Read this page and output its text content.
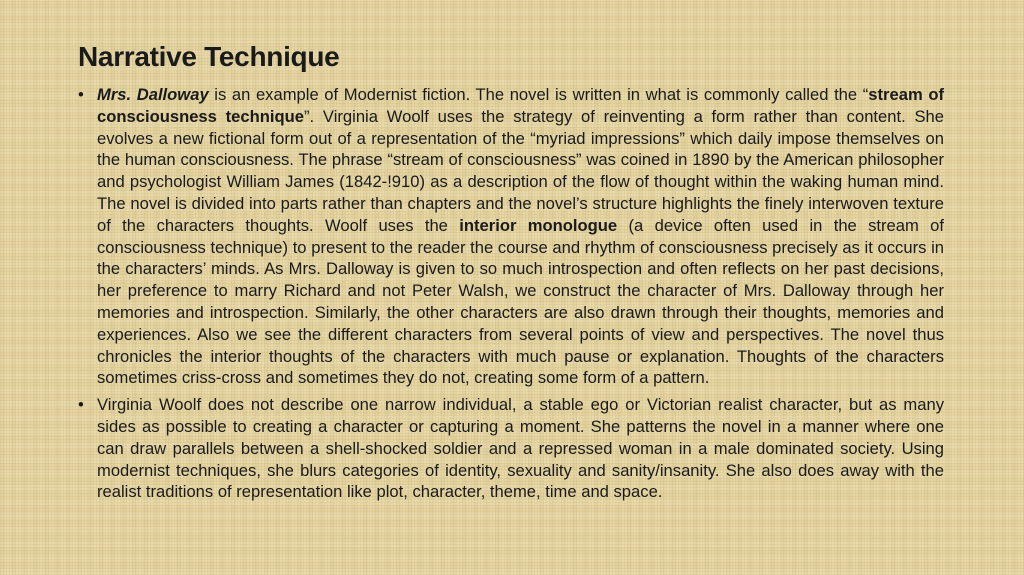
Narrative Technique
• Mrs. Dalloway is an example of Modernist fiction. The novel is written in what is commonly called the “stream of consciousness technique”. Virginia Woolf uses the strategy of reinventing a form rather than content. She evolves a new fictional form out of a representation of the “myriad impressions” which daily impose themselves on the human consciousness. The phrase “stream of consciousness” was coined in 1890 by the American philosopher and psychologist William James (1842-!910) as a description of the flow of thought within the waking human mind. The novel is divided into parts rather than chapters and the novel’s structure highlights the finely interwoven texture of the characters thoughts. Woolf uses the interior monologue (a device often used in the stream of consciousness technique) to present to the reader the course and rhythm of consciousness precisely as it occurs in the characters’ minds. As Mrs. Dalloway is given to so much introspection and often reflects on her past decisions, her preference to marry Richard and not Peter Walsh, we construct the character of Mrs. Dalloway through her memories and introspection. Similarly, the other characters are also drawn through their thoughts, memories and experiences. Also we see the different characters from several points of view and perspectives. The novel thus chronicles the interior thoughts of the characters with much pause or explanation. Thoughts of the characters sometimes criss-cross and sometimes they do not, creating some form of a pattern.
• Virginia Woolf does not describe one narrow individual, a stable ego or Victorian realist character, but as many sides as possible to creating a character or capturing a moment. She patterns the novel in a manner where one can draw parallels between a shell-shocked soldier and a repressed woman in a male dominated society. Using modernist techniques, she blurs categories of identity, sexuality and sanity/insanity. She also does away with the realist traditions of representation like plot, character, theme, time and space.
